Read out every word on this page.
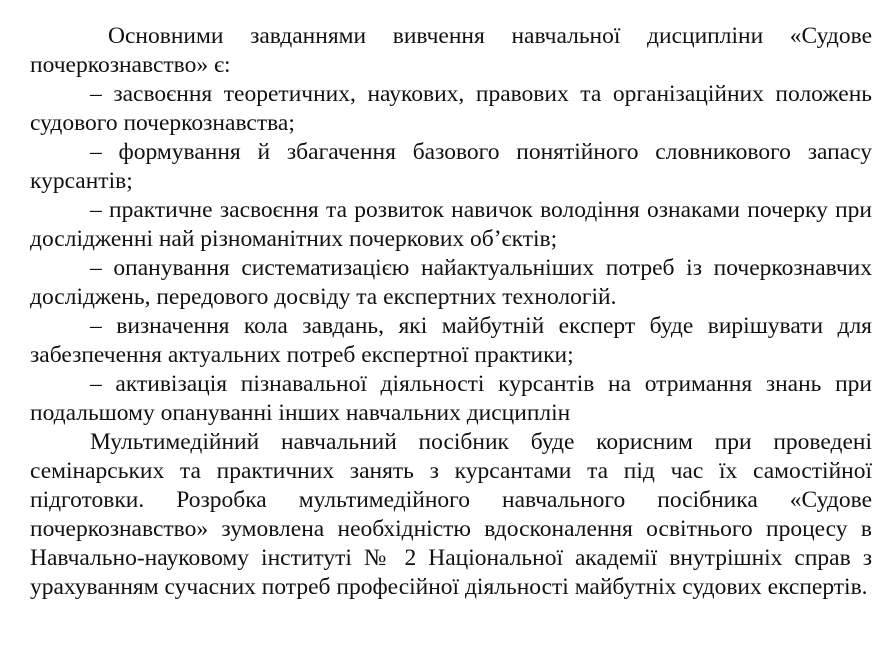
Основними завданнями вивчення навчальної дисципліни «Судове почеркознавство» є:

– засвоєння теоретичних, наукових, правових та організаційних положень судового почеркознавства;

– формування й збагачення базового понятійного словникового запасу курсантів;

– практичне засвоєння та розвиток навичок володіння ознаками почерку при дослідженні най різноманітних почеркових об’єктів;

– опанування систематизацією найактуальніших потреб із почеркознавчих досліджень, передового досвіду та експертних технологій.

– визначення кола завдань, які майбутній експерт буде вирішувати для забезпечення актуальних потреб експертної практики;

– активізація пізнавальної діяльності курсантів на отримання знань при подальшому опануванні інших навчальних дисциплін

Мультимедійний навчальний посібник буде корисним при проведені семінарських та практичних занять з курсантами та під час їх самостійної підготовки. Розробка мультимедійного навчального посібника «Судове почеркознавство» зумовлена необхідністю вдосконалення освітнього процесу в Навчально-науковому інституті № 2 Національної академії внутрішніх справ з урахуванням сучасних потреб професійної діяльності майбутніх судових експертів.
